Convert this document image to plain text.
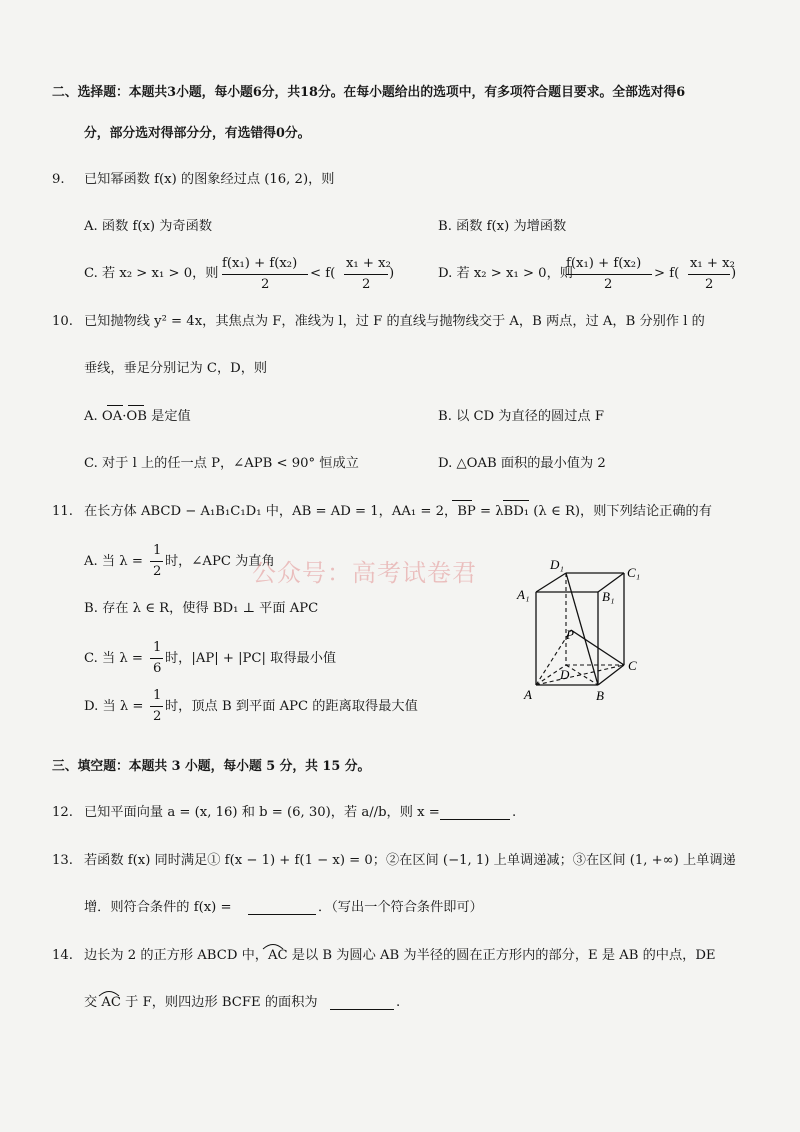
二、选择题：本题共3小题，每小题6分，共18分。在每小题给出的选项中，有多项符合题目要求。全部选对得6
分，部分选对得部分分，有选错得0分。
9. 已知幂函数 f(x) 的图象经过点 (16, 2)，则
A. 函数 f(x) 为奇函数	B. 函数 f(x) 为增函数
C. 若 x₂ > x₁ > 0，则
f(x₁) + f(x₂)
2
< f(
x₁ + x₂
2
)	D. 若 x₂ > x₁ > 0，则
f(x₁) + f(x₂)
2
> f(
x₁ + x₂
2
)
10. 已知抛物线 y² = 4x，其焦点为 F，准线为 l，过 F 的直线与抛物线交于 A，B 两点，过 A，B 分别作 l 的
垂线，垂足分别记为 C，D，则
A. OA·OB 是定值	B. 以 CD 为直径的圆过点 F
C. 对于 l 上的任一点 P，∠APB < 90° 恒成立	D. △OAB 面积的最小值为 2
11. 在长方体 ABCD − A₁B₁C₁D₁ 中，AB = AD = 1，AA₁ = 2，BP = λBD₁ (λ ∈ R)，则下列结论正确的有
A. 当 λ =
1
2
时，∠APC 为直角
B. 存在 λ ∈ R，使得 BD₁ ⊥ 平面 APC
C. 当 λ =
1
6
时，|AP| + |PC| 取得最小值
D. 当 λ =
1
2
时，顶点 B 到平面 APC 的距离取得最大值
D₁
C₁
A₁	B₁
P
D
C
A	B
公众号：高考试卷君
三、填空题：本题共 3 小题，每小题 5 分，共 15 分。
12. 已知平面向量 a = (x, 16) 和 b = (6, 30)，若 a//b，则 x =	.
13. 若函数 f(x) 同时满足① f(x − 1) + f(1 − x) = 0；②在区间 (−1, 1) 上单调递减；③在区间 (1, +∞) 上单调递
增．则符合条件的 f(x) =	．（写出一个符合条件即可）
14. 边长为 2 的正方形 ABCD 中，AC 是以 B 为圆心 AB 为半径的圆在正方形内的部分，E 是 AB 的中点，DE
交 AC 于 F，则四边形 BCFE 的面积为	.
